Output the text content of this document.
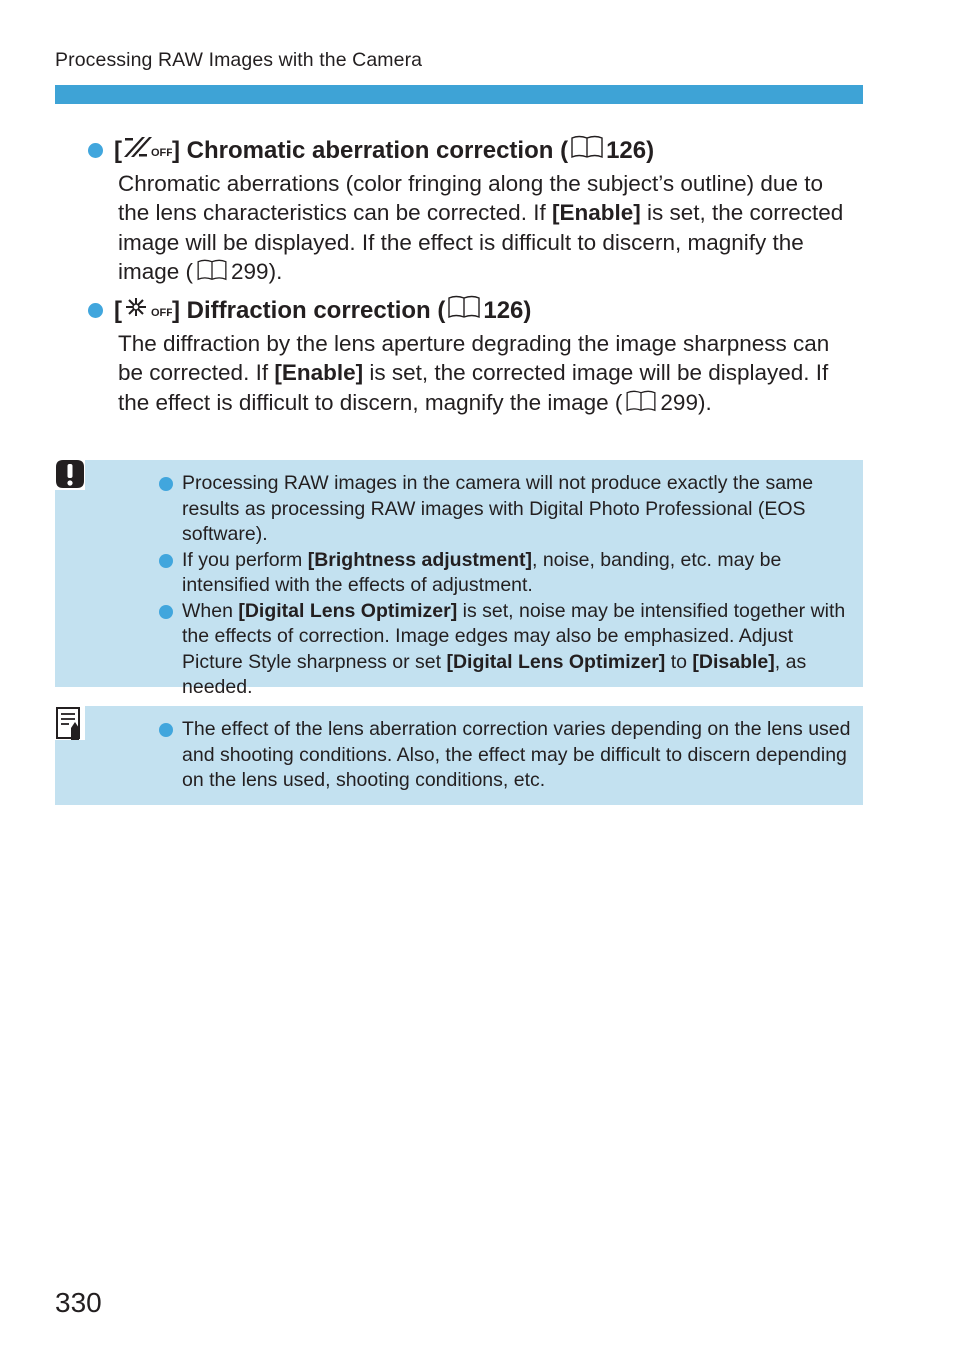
Processing RAW Images with the Camera
[	OFF ] Chromatic aberration correction ( 126 )
Chromatic aberrations (color fringing along the subject’s outline) due to the lens characteristics can be corrected. If [Enable] is set, the corrected image will be displayed. If the effect is difficult to discern, magnify the image ( 299).
[	OFF ] Diffraction correction ( 126 )
The diffraction by the lens aperture degrading the image sharpness can be corrected. If [Enable] is set, the corrected image will be displayed. If the effect is difficult to discern, magnify the image ( 299).
Processing RAW images in the camera will not produce exactly the same results as processing RAW images with Digital Photo Professional (EOS software).
If you perform [Brightness adjustment], noise, banding, etc. may be intensified with the effects of adjustment.
When [Digital Lens Optimizer] is set, noise may be intensified together with the effects of correction. Image edges may also be emphasized. Adjust Picture Style sharpness or set [Digital Lens Optimizer] to [Disable], as needed.
The effect of the lens aberration correction varies depending on the lens used and shooting conditions. Also, the effect may be difficult to discern depending on the lens used, shooting conditions, etc.
330
